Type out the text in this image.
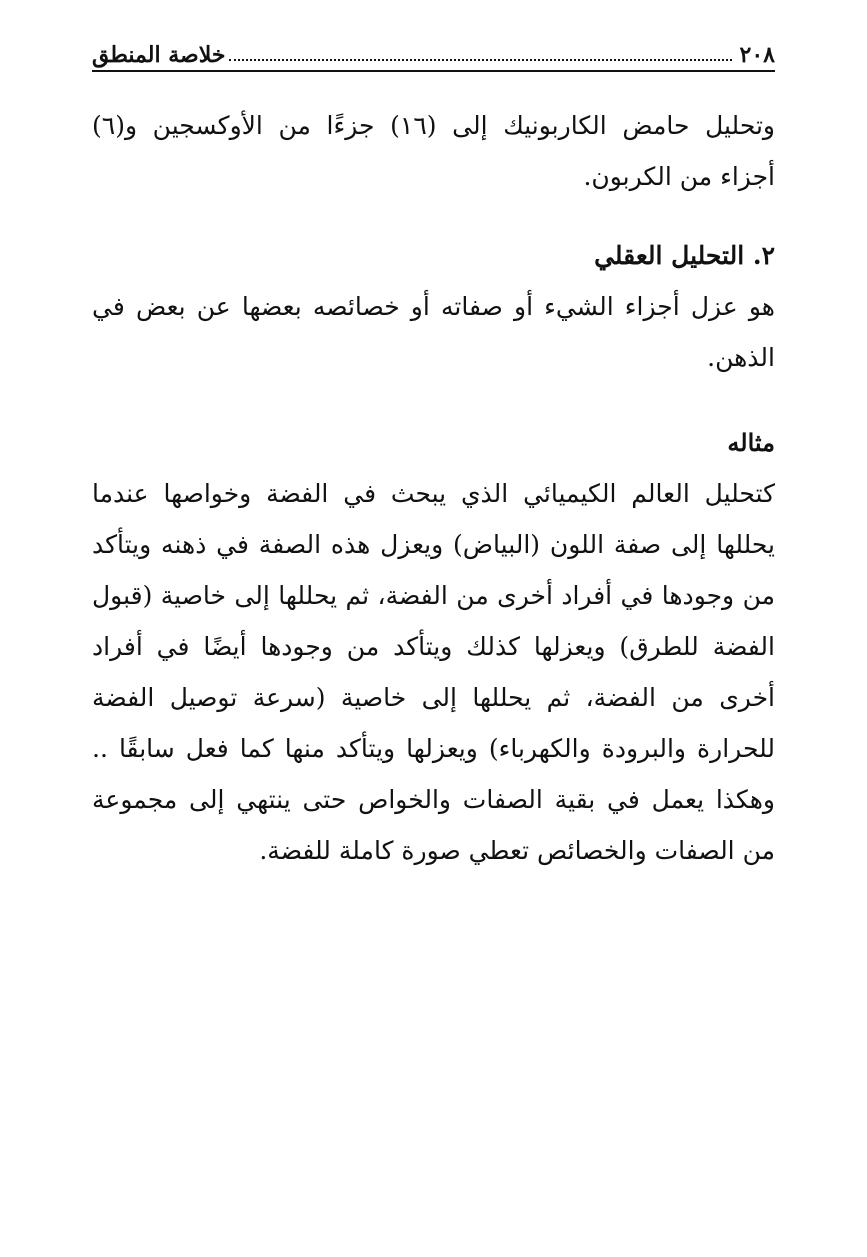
٢٠٨
خلاصة المنطق

وتحليل حامض الكاربونيك إلى (١٦) جزءًا من الأوكسجين و(٦) أجزاء من الكربون.

٢. التحليل العقلي

هو عزل أجزاء الشيء أو صفاته أو خصائصه بعضها عن بعض في الذهن.

مثاله

كتحليل العالم الكيميائي الذي يبحث في الفضة وخواصها عندما يحللها إلى صفة اللون (البياض) ويعزل هذه الصفة في ذهنه ويتأكد من وجودها في أفراد أخرى من الفضة، ثم يحللها إلى خاصية (قبول الفضة للطرق) ويعزلها كذلك ويتأكد من وجودها أيضًا في أفراد أخرى من الفضة، ثم يحللها إلى خاصية (سرعة توصيل الفضة للحرارة والبرودة والكهرباء) ويعزلها ويتأكد منها كما فعل سابقًا .. وهكذا يعمل في بقية الصفات والخواص حتى ينتهي إلى مجموعة من الصفات والخصائص تعطي صورة كاملة للفضة.
